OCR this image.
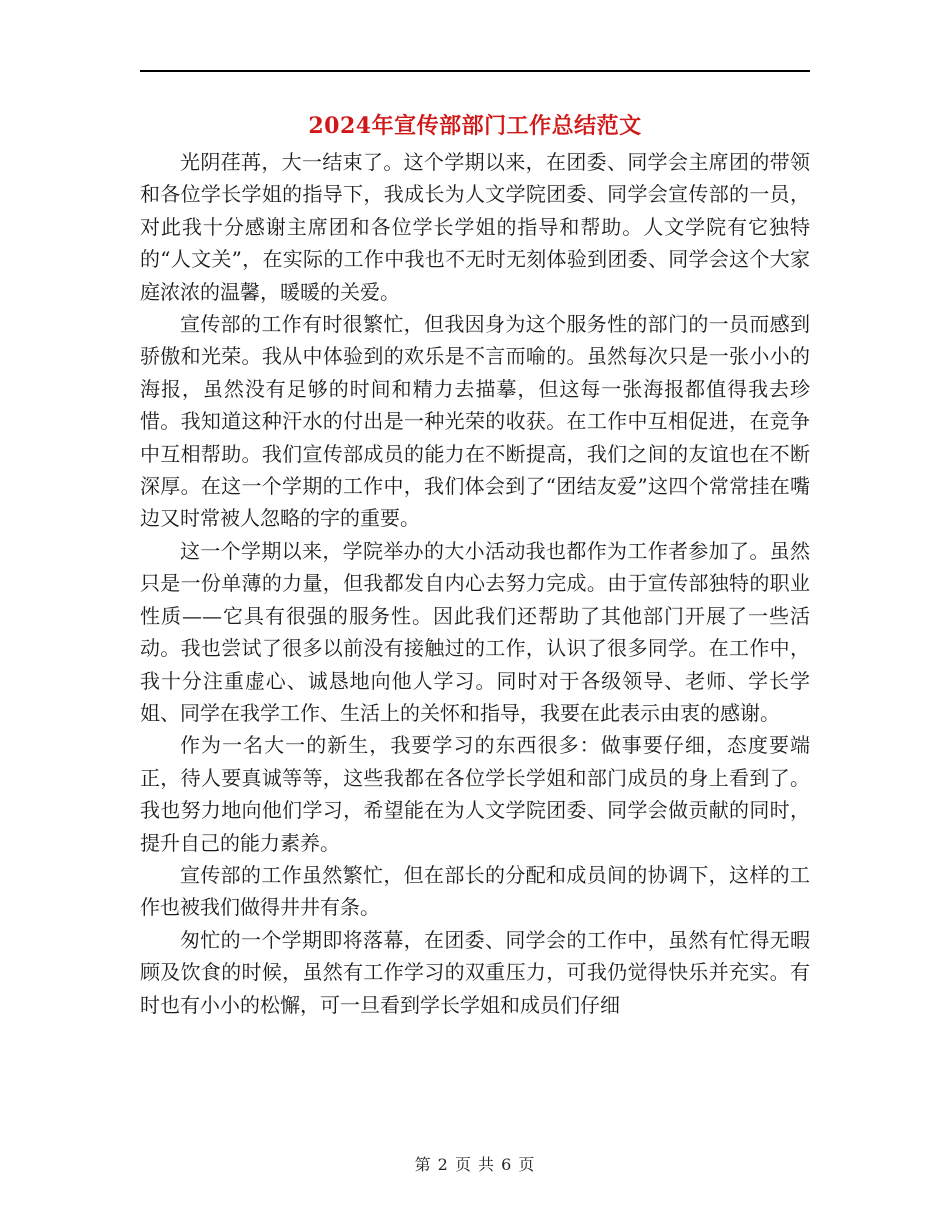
2024年宣传部部门工作总结范文

光阴荏苒，大一结束了。这个学期以来，在团委、同学会主席团的带领和各位学长学姐的指导下，我成长为人文学院团委、同学会宣传部的一员，对此我十分感谢主席团和各位学长学姐的指导和帮助。人文学院有它独特的“人文关”，在实际的工作中我也不无时无刻体验到团委、同学会这个大家庭浓浓的温馨，暖暖的关爱。

宣传部的工作有时很繁忙，但我因身为这个服务性的部门的一员而感到骄傲和光荣。我从中体验到的欢乐是不言而喻的。虽然每次只是一张小小的海报，虽然没有足够的时间和精力去描摹，但这每一张海报都值得我去珍惜。我知道这种汗水的付出是一种光荣的收获。在工作中互相促进，在竞争中互相帮助。我们宣传部成员的能力在不断提高，我们之间的友谊也在不断深厚。在这一个学期的工作中，我们体会到了“团结友爱”这四个常常挂在嘴边又时常被人忽略的字的重要。

这一个学期以来，学院举办的大小活动我也都作为工作者参加了。虽然只是一份单薄的力量，但我都发自内心去努力完成。由于宣传部独特的职业性质——它具有很强的服务性。因此我们还帮助了其他部门开展了一些活动。我也尝试了很多以前没有接触过的工作，认识了很多同学。在工作中，我十分注重虚心、诚恳地向他人学习。同时对于各级领导、老师、学长学姐、同学在我学工作、生活上的关怀和指导，我要在此表示由衷的感谢。

作为一名大一的新生，我要学习的东西很多：做事要仔细，态度要端正，待人要真诚等等，这些我都在各位学长学姐和部门成员的身上看到了。我也努力地向他们学习，希望能在为人文学院团委、同学会做贡献的同时，提升自己的能力素养。

宣传部的工作虽然繁忙，但在部长的分配和成员间的协调下，这样的工作也被我们做得井井有条。

匆忙的一个学期即将落幕，在团委、同学会的工作中，虽然有忙得无暇顾及饮食的时候，虽然有工作学习的双重压力，可我仍觉得快乐并充实。有时也有小小的松懈，可一旦看到学长学姐和成员们仔细

第 2 页 共 6 页
